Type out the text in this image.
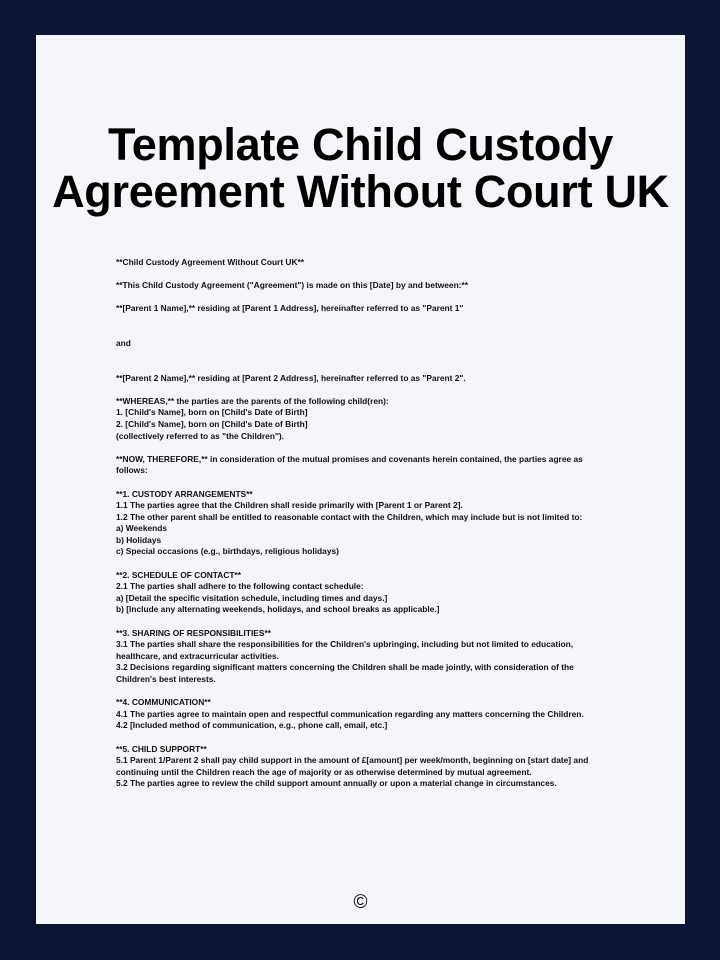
Template Child Custody
Agreement Without Court UK
**Child Custody Agreement Without Court UK**
**This Child Custody Agreement ("Agreement") is made on this [Date] by and between:**
**[Parent 1 Name],** residing at [Parent 1 Address], hereinafter referred to as "Parent 1"
and
**[Parent 2 Name],** residing at [Parent 2 Address], hereinafter referred to as "Parent 2".
**WHEREAS,** the parties are the parents of the following child(ren):
1. [Child's Name], born on [Child's Date of Birth]
2. [Child's Name], born on [Child's Date of Birth]
(collectively referred to as "the Children").
**NOW, THEREFORE,** in consideration of the mutual promises and covenants herein contained, the parties agree as follows:
**1. CUSTODY ARRANGEMENTS**
1.1 The parties agree that the Children shall reside primarily with [Parent 1 or Parent 2].
1.2 The other parent shall be entitled to reasonable contact with the Children, which may include but is not limited to:
a) Weekends
b) Holidays
c) Special occasions (e.g., birthdays, religious holidays)
**2. SCHEDULE OF CONTACT**
2.1 The parties shall adhere to the following contact schedule:
a) [Detail the specific visitation schedule, including times and days.]
b) [Include any alternating weekends, holidays, and school breaks as applicable.]
**3. SHARING OF RESPONSIBILITIES**
3.1 The parties shall share the responsibilities for the Children's upbringing, including but not limited to education, healthcare, and extracurricular activities.
3.2 Decisions regarding significant matters concerning the Children shall be made jointly, with consideration of the Children's best interests.
**4. COMMUNICATION**
4.1 The parties agree to maintain open and respectful communication regarding any matters concerning the Children.
4.2 [Included method of communication, e.g., phone call, email, etc.]
**5. CHILD SUPPORT**
5.1 Parent 1/Parent 2 shall pay child support in the amount of £[amount] per week/month, beginning on [start date] and continuing until the Children reach the age of majority or as otherwise determined by mutual agreement.
5.2 The parties agree to review the child support amount annually or upon a material change in circumstances.
©
